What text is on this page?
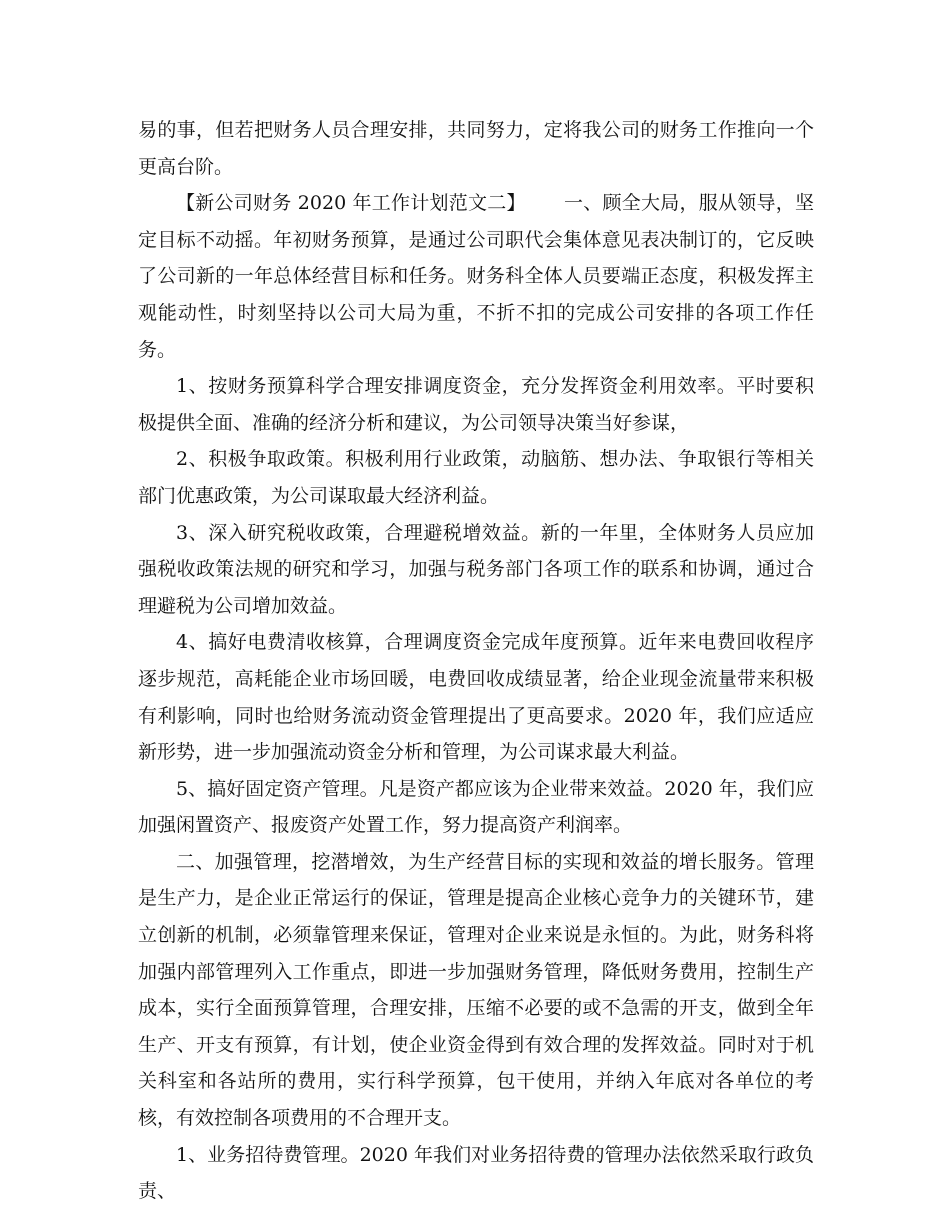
易的事，但若把财务人员合理安排，共同努力，定将我公司的财务工作推向一个更高台阶。

【新公司财务 2020 年工作计划范文二】 一、顾全大局，服从领导，坚定目标不动摇。年初财务预算，是通过公司职代会集体意见表决制订的，它反映了公司新的一年总体经营目标和任务。财务科全体人员要端正态度，积极发挥主观能动性，时刻坚持以公司大局为重，不折不扣的完成公司安排的各项工作任务。

1、按财务预算科学合理安排调度资金，充分发挥资金利用效率。平时要积极提供全面、准确的经济分析和建议，为公司领导决策当好参谋，

2、积极争取政策。积极利用行业政策，动脑筋、想办法、争取银行等相关部门优惠政策，为公司谋取最大经济利益。

3、深入研究税收政策，合理避税增效益。新的一年里，全体财务人员应加强税收政策法规的研究和学习，加强与税务部门各项工作的联系和协调，通过合理避税为公司增加效益。

4、搞好电费清收核算，合理调度资金完成年度预算。近年来电费回收程序逐步规范，高耗能企业市场回暖，电费回收成绩显著，给企业现金流量带来积极有利影响，同时也给财务流动资金管理提出了更高要求。2020 年，我们应适应新形势，进一步加强流动资金分析和管理，为公司谋求最大利益。

5、搞好固定资产管理。凡是资产都应该为企业带来效益。2020 年，我们应加强闲置资产、报废资产处置工作，努力提高资产利润率。

二、加强管理，挖潜增效，为生产经营目标的实现和效益的增长服务。管理是生产力，是企业正常运行的保证，管理是提高企业核心竞争力的关键环节，建立创新的机制，必须靠管理来保证，管理对企业来说是永恒的。为此，财务科将加强内部管理列入工作重点，即进一步加强财务管理，降低财务费用，控制生产成本，实行全面预算管理，合理安排，压缩不必要的或不急需的开支，做到全年生产、开支有预算，有计划，使企业资金得到有效合理的发挥效益。同时对于机关科室和各站所的费用，实行科学预算，包干使用，并纳入年底对各单位的考核，有效控制各项费用的不合理开支。

1、业务招待费管理。2020 年我们对业务招待费的管理办法依然采取行政负责、
